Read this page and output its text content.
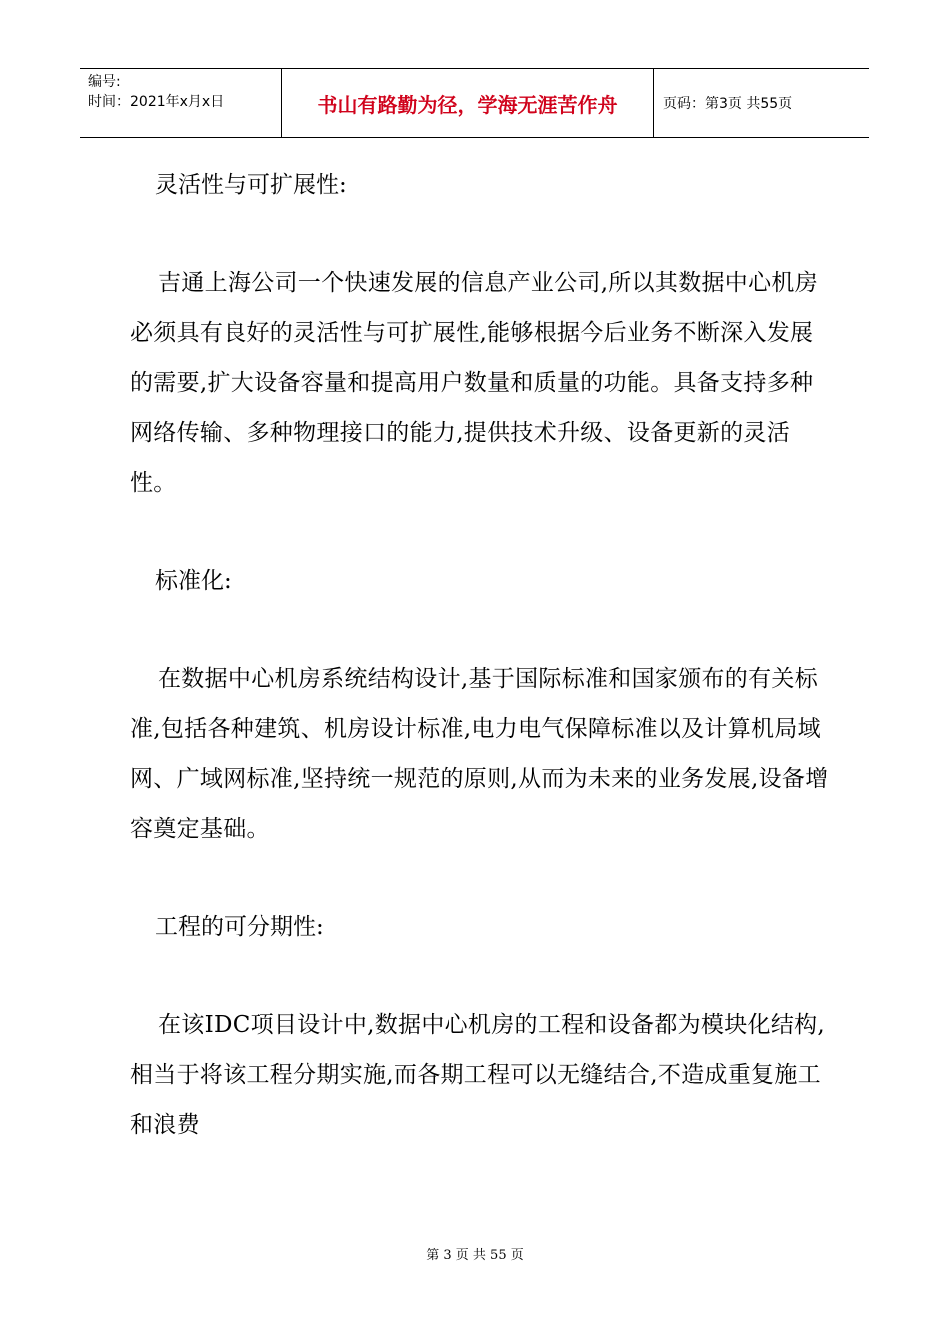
编号:
时间：2021年x月x日	书山有路勤为径，学海无涯苦作舟	页码：第3页 共55页

灵活性与可扩展性:

吉通上海公司一个快速发展的信息产业公司,所以其数据中心机房必须具有良好的灵活性与可扩展性,能够根据今后业务不断深入发展的需要,扩大设备容量和提高用户数量和质量的功能。具备支持多种网络传输、多种物理接口的能力,提供技术升级、设备更新的灵活性。

标准化:

在数据中心机房系统结构设计,基于国际标准和国家颁布的有关标准,包括各种建筑、机房设计标准,电力电气保障标准以及计算机局域网、广域网标准,坚持统一规范的原则,从而为未来的业务发展,设备增容奠定基础。

工程的可分期性:

在该IDC项目设计中,数据中心机房的工程和设备都为模块化结构,相当于将该工程分期实施,而各期工程可以无缝结合,不造成重复施工和浪费

第 3 页 共 55 页
